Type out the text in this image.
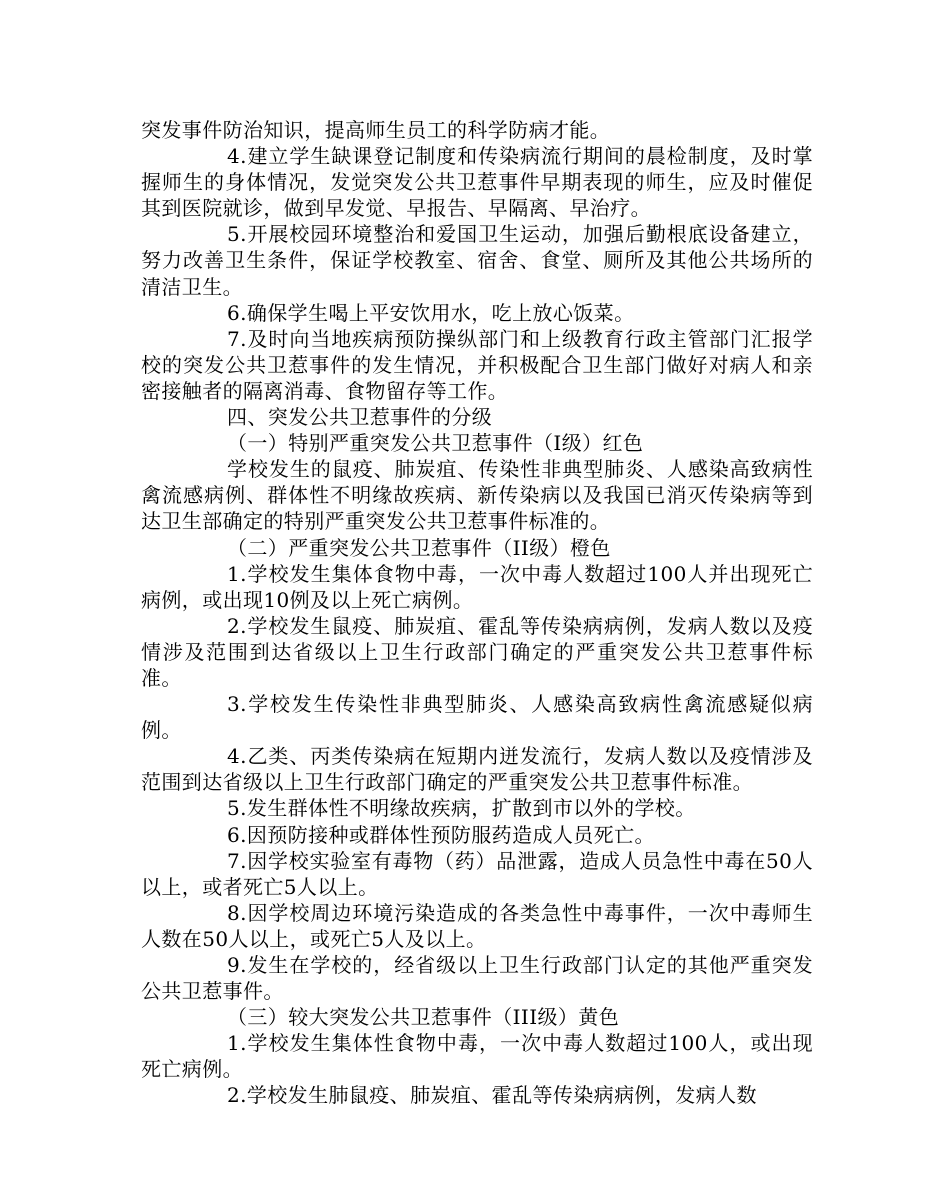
突发事件防治知识，提高师生员工的科学防病才能。

4.建立学生缺课登记制度和传染病流行期间的晨检制度，及时掌握师生的身体情况，发觉突发公共卫惹事件早期表现的师生，应及时催促其到医院就诊，做到早发觉、早报告、早隔离、早治疗。

5.开展校园环境整治和爱国卫生运动，加强后勤根底设备建立，努力改善卫生条件，保证学校教室、宿舍、食堂、厕所及其他公共场所的清洁卫生。

6.确保学生喝上平安饮用水，吃上放心饭菜。

7.及时向当地疾病预防操纵部门和上级教育行政主管部门汇报学校的突发公共卫惹事件的发生情况，并积极配合卫生部门做好对病人和亲密接触者的隔离消毒、食物留存等工作。

四、突发公共卫惹事件的分级

（一）特别严重突发公共卫惹事件（Ⅰ级）红色

学校发生的鼠疫、肺炭疽、传染性非典型肺炎、人感染高致病性禽流感病例、群体性不明缘故疾病、新传染病以及我国已消灭传染病等到达卫生部确定的特别严重突发公共卫惹事件标准的。

（二）严重突发公共卫惹事件（II级）橙色

1.学校发生集体食物中毒，一次中毒人数超过100人并出现死亡病例，或出现10例及以上死亡病例。

2.学校发生鼠疫、肺炭疽、霍乱等传染病病例，发病人数以及疫情涉及范围到达省级以上卫生行政部门确定的严重突发公共卫惹事件标准。

3.学校发生传染性非典型肺炎、人感染高致病性禽流感疑似病例。

4.乙类、丙类传染病在短期内迸发流行，发病人数以及疫情涉及范围到达省级以上卫生行政部门确定的严重突发公共卫惹事件标准。

5.发生群体性不明缘故疾病，扩散到市以外的学校。

6.因预防接种或群体性预防服药造成人员死亡。

7.因学校实验室有毒物（药）品泄露，造成人员急性中毒在50人以上，或者死亡5人以上。

8.因学校周边环境污染造成的各类急性中毒事件，一次中毒师生人数在50人以上，或死亡5人及以上。

9.发生在学校的，经省级以上卫生行政部门认定的其他严重突发公共卫惹事件。

（三）较大突发公共卫惹事件（III级）黄色

1.学校发生集体性食物中毒，一次中毒人数超过100人，或出现死亡病例。

2.学校发生肺鼠疫、肺炭疽、霍乱等传染病病例，发病人数
